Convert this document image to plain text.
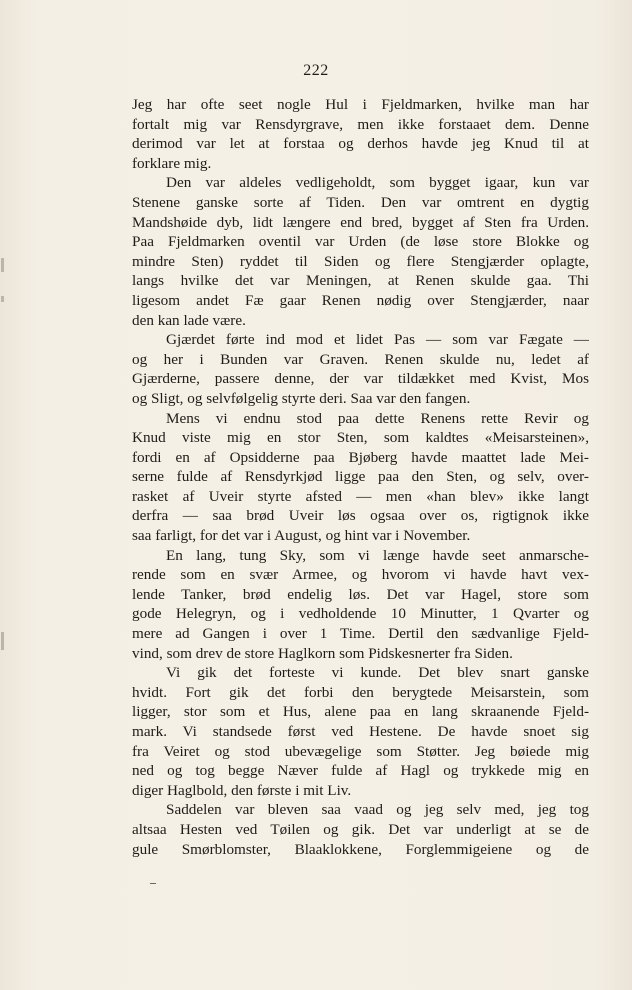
222
Jeg har ofte seet nogle Hul i Fjeldmarken, hvilke man har
fortalt mig var Rensdyrgrave, men ikke forstaaet dem. Denne
derimod var let at forstaa og derhos havde jeg Knud til at
forklare mig.
Den var aldeles vedligeholdt, som bygget igaar, kun var
Stenene ganske sorte af Tiden. Den var omtrent en dygtig
Mandshøide dyb, lidt længere end bred, bygget af Sten fra Urden.
Paa Fjeldmarken oventil var Urden (de løse store Blokke og
mindre Sten) ryddet til Siden og flere Stengjærder oplagte,
langs hvilke det var Meningen, at Renen skulde gaa. Thi
ligesom andet Fæ gaar Renen nødig over Stengjærder, naar
den kan lade være.
Gjærdet førte ind mod et lidet Pas — som var Fægate —
og her i Bunden var Graven. Renen skulde nu, ledet af
Gjærderne, passere denne, der var tildækket med Kvist, Mos
og Sligt, og selvfølgelig styrte deri. Saa var den fangen.
Mens vi endnu stod paa dette Renens rette Revir og
Knud viste mig en stor Sten, som kaldtes «Meisarsteinen»,
fordi en af Opsidderne paa Bjøberg havde maattet lade Mei-
serne fulde af Rensdyrkjød ligge paa den Sten, og selv, over-
rasket af Uveir styrte afsted — men «han blev» ikke langt
derfra — saa brød Uveir løs ogsaa over os, rigtignok ikke
saa farligt, for det var i August, og hint var i November.
En lang, tung Sky, som vi længe havde seet anmarsche-
rende som en svær Armee, og hvorom vi havde havt vex-
lende Tanker, brød endelig løs. Det var Hagel, store som
gode Helegryn, og i vedholdende 10 Minutter, 1 Qvarter og
mere ad Gangen i over 1 Time. Dertil den sædvanlige Fjeld-
vind, som drev de store Haglkorn som Pidskesnerter fra Siden.
Vi gik det forteste vi kunde. Det blev snart ganske
hvidt. Fort gik det forbi den berygtede Meisarstein, som
ligger, stor som et Hus, alene paa en lang skraanende Fjeld-
mark. Vi standsede først ved Hestene. De havde snoet sig
fra Veiret og stod ubevægelige som Støtter. Jeg bøiede mig
ned og tog begge Næver fulde af Hagl og trykkede mig en
diger Haglbold, den første i mit Liv.
Saddelen var bleven saa vaad og jeg selv med, jeg tog
altsaa Hesten ved Tøilen og gik. Det var underligt at se de
gule Smørblomster, Blaaklokkene, Forglemmigeiene og de
